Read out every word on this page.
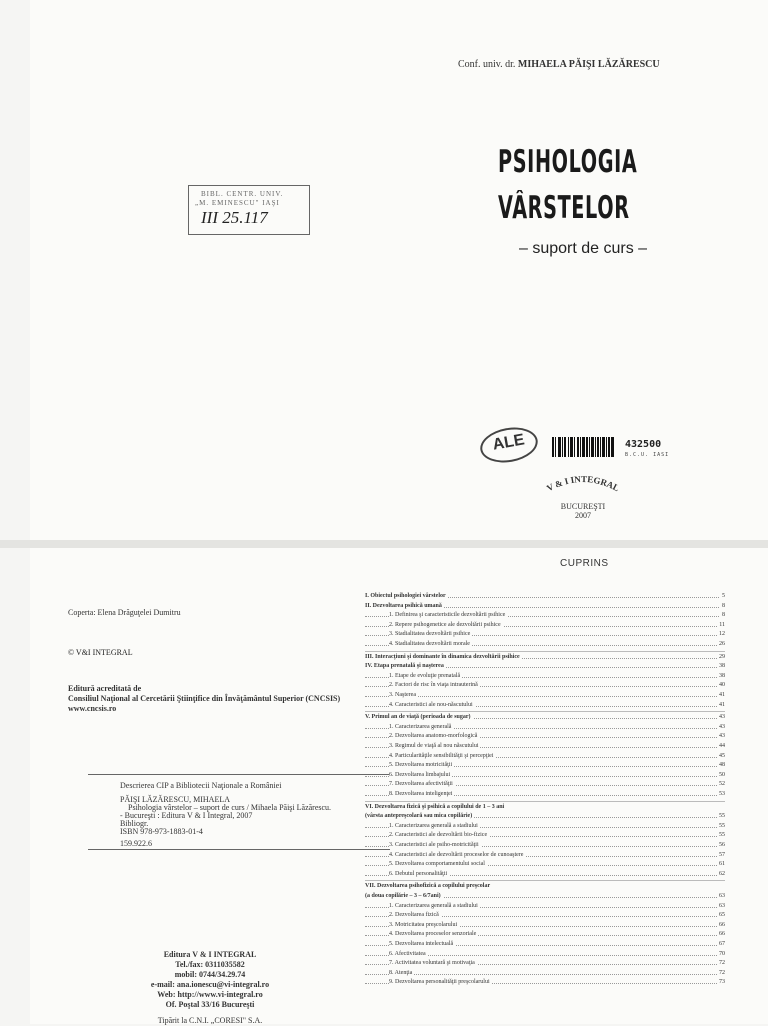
Conf. univ. dr. MIHAELA PĂIŞI LĂZĂRESCU
BIBL. CENTR. UNIV.
„M. EMINESCU" IAŞI
III 25.117
PSIHOLOGIA
VÂRSTELOR
– suport de curs –
ALE	432500
B.C.U. IASI
V & I INTEGRAL
BUCUREŞTI
2007
Coperta: Elena Drăguţelei Dumitru
© V&I INTEGRAL
Editură acreditată de
Consiliul Naţional al Cercetării Ştiinţifice din Învăţământul Superior (CNCSIS)
www.cncsis.ro
Descrierea CIP a Bibliotecii Naţionale a României
PĂIŞI LĂZĂRESCU, MIHAELA
Psihologia vârstelor – suport de curs / Mihaela Păişi Lăzărescu.
- Bucureşti : Editura V & I Integral, 2007
Bibliogr.
ISBN 978-973-1883-01-4
159.922.6
Editura V & I INTEGRAL
Tel./fax: 0311035582
mobil: 0744/34.29.74
e-mail: ana.ionescu@vi-integral.ro
Web: http://www.vi-integral.ro
Of. Poştal 33/16 Bucureşti
Tipărit la C.N.I. „CORESI" S.A.
CUPRINS
I. Obiectul psihologiei vârstelor	5
II. Dezvoltarea psihică umană	8
1. Definirea şi caracteristicile dezvoltării psihice	8
2. Repere psihogenetice ale dezvoltării psihice	11
3. Stadialitatea dezvoltării psihice	12
4. Stadialitatea dezvoltării morale	26
III. Interacţiuni şi dominante în dinamica dezvoltării psihice	29
IV. Etapa prenatală şi naşterea	38
1. Etape de evoluţie prenatală	38
2. Factori de risc în viaţa intrauterină	40
3. Naşterea	41
4. Caracteristici ale nou-născutului	41
V. Primul an de viaţă (perioada de sugar)	43
1. Caracterizarea generală	43
2. Dezvoltarea anatomo-morfologică	43
3. Regimul de viaţă al nou născutului	44
4. Particularităţile sensibilităţii şi percepţiei	45
5. Dezvoltarea motricităţii	48
6. Dezvoltarea limbajului	50
7. Dezvoltarea afectivităţii	52
8. Dezvoltarea inteligenţei	53
VI. Dezvoltarea fizică şi psihică a copilului de 1 – 3 ani
(vârsta antepreşcolară sau mica copilărie)	55
1. Caracterizarea generală a stadiului	55
2. Caracteristici ale dezvoltării bio-fizice	55
3. Caracteristici ale psiho-motricităţii	56
4. Caracteristici ale dezvoltării proceselor de cunoaştere	57
5. Dezvoltarea comportamentului social	61
6. Debutul personalităţii	62
VII. Dezvoltarea psihofizică a copilului preşcolar
(a doua copilărie – 3 – 6/7ani)	63
1. Caracterizarea generală a stadiului	63
2. Dezvoltarea fizică	65
3. Motricitatea preşcolarului	66
4. Dezvoltarea proceselor senzoriale	66
5. Dezvoltarea intelectuală	67
6. Afectivitatea	70
7. Activitatea voluntară şi motivaţia	72
8. Atenţia	72
9. Dezvoltarea personalităţii preşcolarului	73
